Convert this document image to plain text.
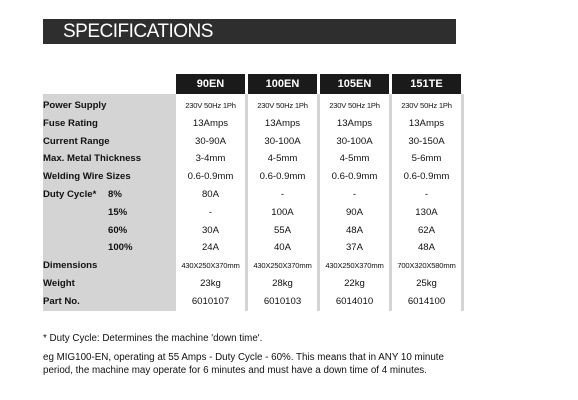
SPECIFICATIONS
		90EN		100EN		105EN		151TE	

Power Supply		230V 50Hz 1Ph		230V 50Hz 1Ph		230V 50Hz 1Ph		230V 50Hz 1Ph	
Fuse Rating		13Amps		13Amps		13Amps		13Amps	
Current Range		30-90A		30-100A		30-100A		30-150A	
Max. Metal Thickness		3-4mm		4-5mm		4-5mm		5-6mm	
Welding Wire Sizes		0.6-0.9mm		0.6-0.9mm		0.6-0.9mm		0.6-0.9mm	
Duty Cycle* 8%		80A		-		-		-	
15%		-		100A		90A		130A	
60%		30A		55A		48A		62A	
100%		24A		40A		37A		48A	
Dimensions		430X250X370mm		430X250X370mm		430X250X370mm		700X320X580mm	
Weight		23kg		28kg		22kg		25kg	
Part No.		6010107		6010103		6014010		6014100	

* Duty Cycle: Determines the machine 'down time'.

eg MIG100-EN, operating at 55 Amps - Duty Cycle - 60%. This means that in ANY 10 minute

period, the machine may operate for 6 minutes and must have a down time of 4 minutes.
